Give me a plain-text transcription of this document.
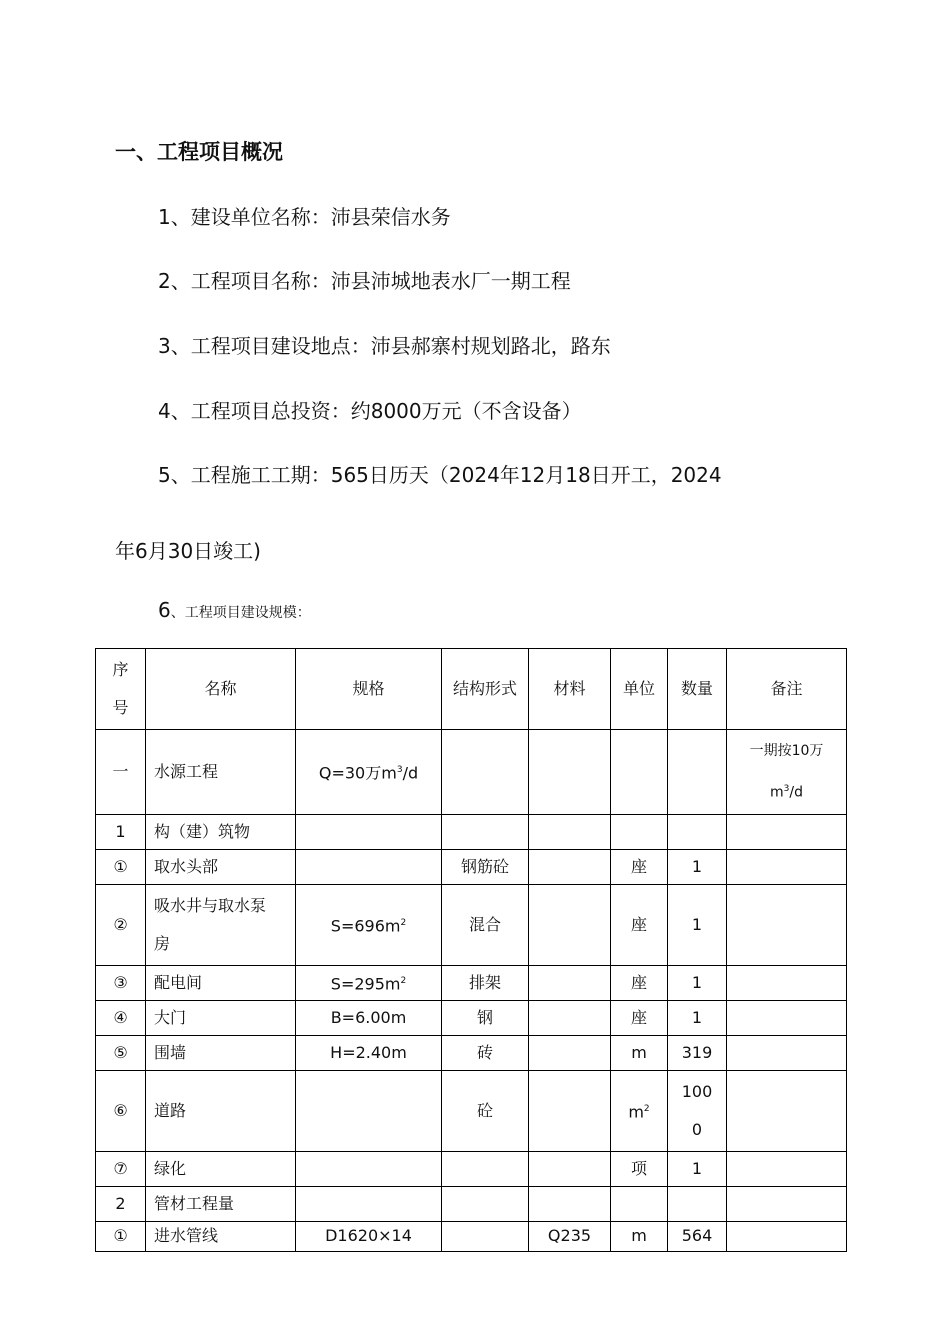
一、工程项目概况
1、建设单位名称：沛县荣信水务
2、工程项目名称：沛县沛城地表水厂一期工程
3、工程项目建设地点：沛县郝寨村规划路北，路东
4、工程项目总投资：约8000万元（不含设备）
5、工程施工工期：565日历天（2024年12月18日开工，2024
年6月30日竣工)
6、工程项目建设规模：
序
号	名称	规格	结构形式	材料	单位	数量	备注
一	水源工程	Q=30万$m^3/d$					一期按10万
$m^3/d$
1	构（建）筑物						
①	取水头部		钢筋砼		座	1	
②	吸水井与取水泵
房	$S=696m^2$	混合		座	1	
③	配电间	$S=295m^2$	排架		座	1	
④	大门	B=6.00m	钢		座	1	
⑤	围墙	H=2.40m	砖		m	319	
⑥	道路		砼		$m^2$	100
0	
⑦	绿化				项	1	
2	管材工程量						
①	进水管线	D1620×14		Q235	m	564	
